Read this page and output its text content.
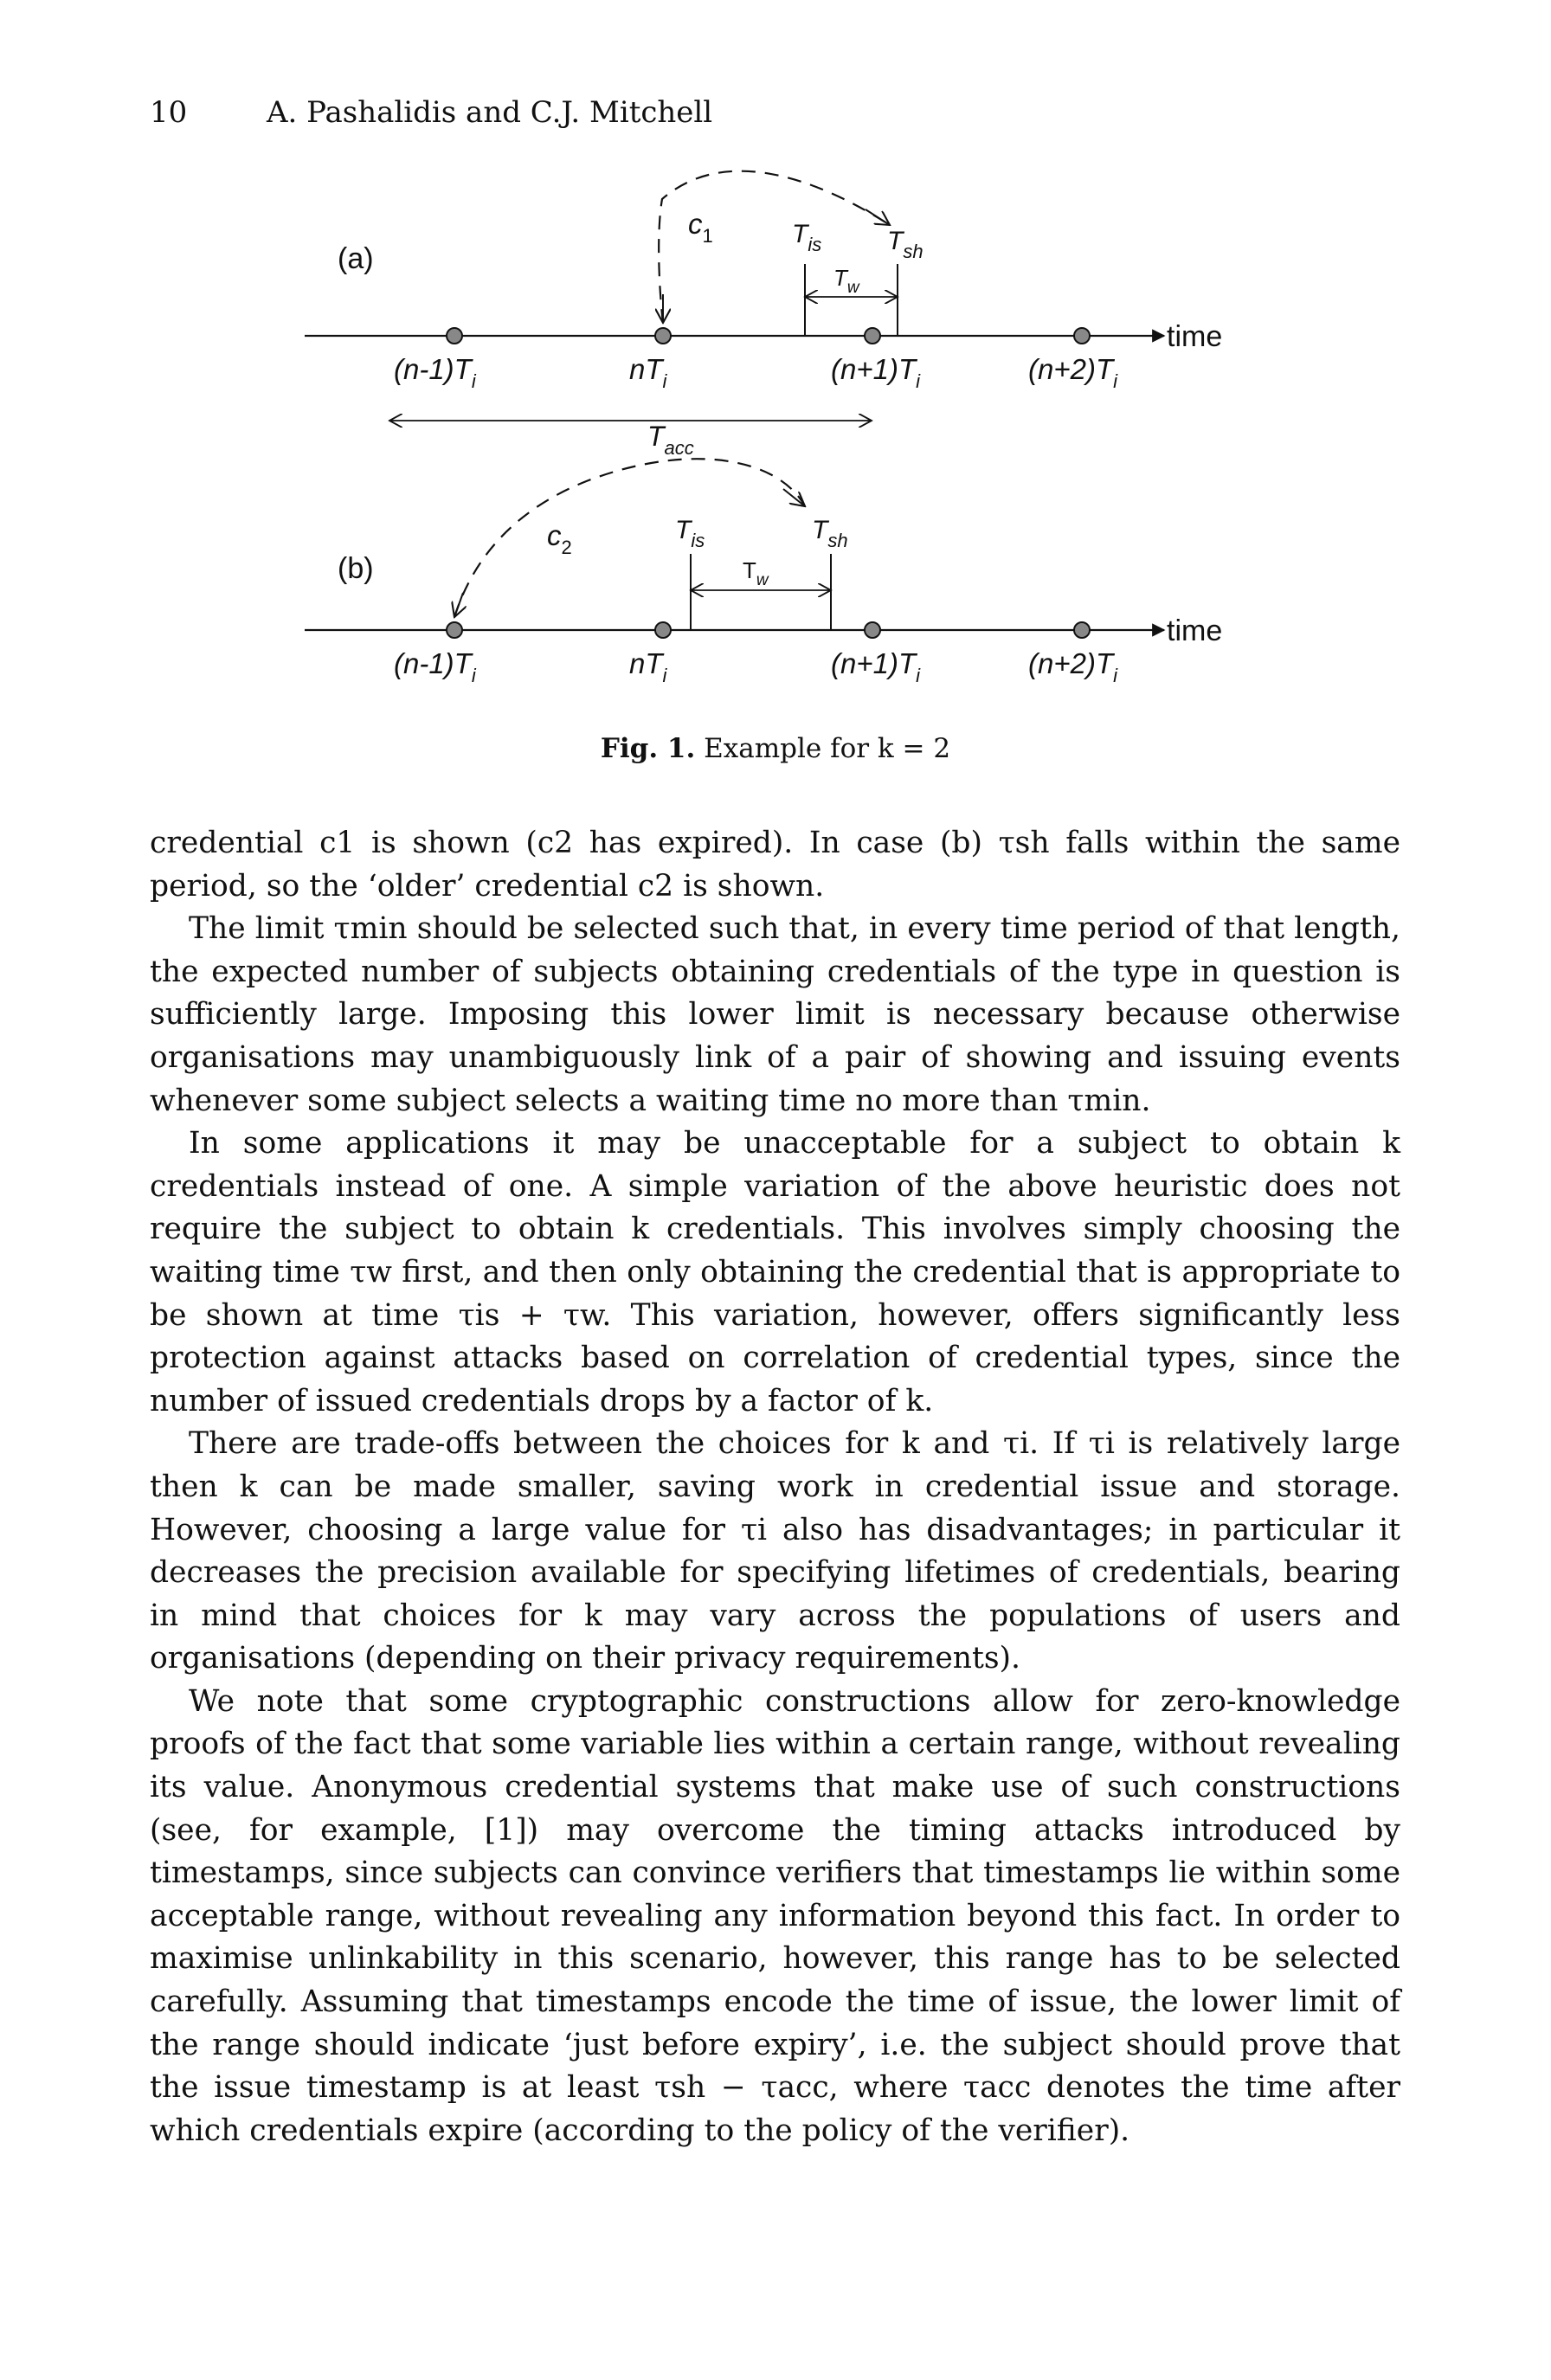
10	A. Pashalidis and C.J. Mitchell
(a)
time
$(n-1)T_i$	$nT_i$	$(n+1)T_i$	$(n+2)T_i$
$c_1$	$T_{is}$	$T_{sh}$
$T_w$
$T_{acc}$
(b)
time
$(n-1)T_i$	$nT_i$	$(n+1)T_i$	$(n+2)T_i$
$c_2$
$T_{is}$	$T_{sh}$
$T_w$
Fig. 1. Example for k = 2

credential c1 is shown (c2 has expired). In case (b) τsh falls within the same period, so the ‘older’ credential c2 is shown.

The limit τmin should be selected such that, in every time period of that length, the expected number of subjects obtaining credentials of the type in question is sufficiently large. Imposing this lower limit is necessary because otherwise organisations may unambiguously link of a pair of showing and issuing events whenever some subject selects a waiting time no more than τmin.

In some applications it may be unacceptable for a subject to obtain k credentials instead of one. A simple variation of the above heuristic does not require the subject to obtain k credentials. This involves simply choosing the waiting time τw first, and then only obtaining the credential that is appropriate to be shown at time τis + τw. This variation, however, offers significantly less protection against attacks based on correlation of credential types, since the number of issued credentials drops by a factor of k.

There are trade-offs between the choices for k and τi. If τi is relatively large then k can be made smaller, saving work in credential issue and storage. However, choosing a large value for τi also has disadvantages; in particular it decreases the precision available for specifying lifetimes of credentials, bearing in mind that choices for k may vary across the populations of users and organisations (depending on their privacy requirements).

We note that some cryptographic constructions allow for zero-knowledge proofs of the fact that some variable lies within a certain range, without revealing its value. Anonymous credential systems that make use of such constructions (see, for example, [1]) may overcome the timing attacks introduced by timestamps, since subjects can convince verifiers that timestamps lie within some acceptable range, without revealing any information beyond this fact. In order to maximise unlinkability in this scenario, however, this range has to be selected carefully. Assuming that timestamps encode the time of issue, the lower limit of the range should indicate ‘just before expiry’, i.e. the subject should prove that the issue timestamp is at least τsh − τacc, where τacc denotes the time after which credentials expire (according to the policy of the verifier).
